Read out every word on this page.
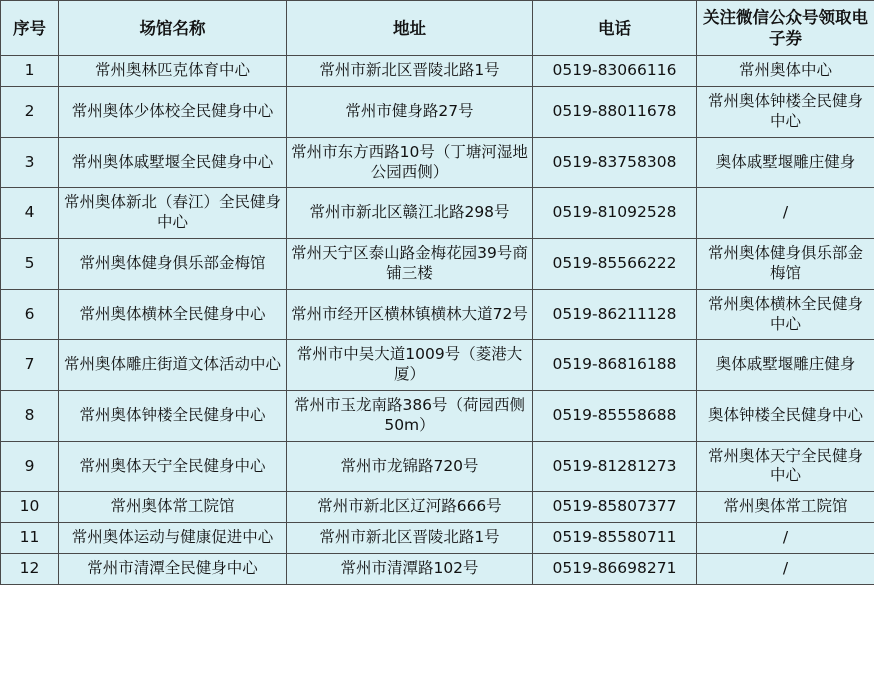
序号	场馆名称	地址	电话	关注微信公众号领取电子券
1	常州奥林匹克体育中心	常州市新北区晋陵北路1号	0519-83066116	常州奥体中心
2	常州奥体少体校全民健身中心	常州市健身路27号	0519-88011678	常州奥体钟楼全民健身中心
3	常州奥体戚墅堰全民健身中心	常州市东方西路10号（丁塘河湿地公园西侧）	0519-83758308	奥体戚墅堰雕庄健身
4	常州奥体新北（春江）全民健身中心	常州市新北区赣江北路298号	0519-81092528	/
5	常州奥体健身俱乐部金梅馆	常州天宁区泰山路金梅花园39号商铺三楼	0519-85566222	常州奥体健身俱乐部金梅馆
6	常州奥体横林全民健身中心	常州市经开区横林镇横林大道72号	0519-86211128	常州奥体横林全民健身中心
7	常州奥体雕庄街道文体活动中心	常州市中吴大道1009号（菱港大厦）	0519-86816188	奥体戚墅堰雕庄健身
8	常州奥体钟楼全民健身中心	常州市玉龙南路386号（荷园西侧50m）	0519-85558688	奥体钟楼全民健身中心
9	常州奥体天宁全民健身中心	常州市龙锦路720号	0519-81281273	常州奥体天宁全民健身中心
10	常州奥体常工院馆	常州市新北区辽河路666号	0519-85807377	常州奥体常工院馆
11	常州奥体运动与健康促进中心	常州市新北区晋陵北路1号	0519-85580711	/
12	常州市清潭全民健身中心	常州市清潭路102号	0519-86698271	/
